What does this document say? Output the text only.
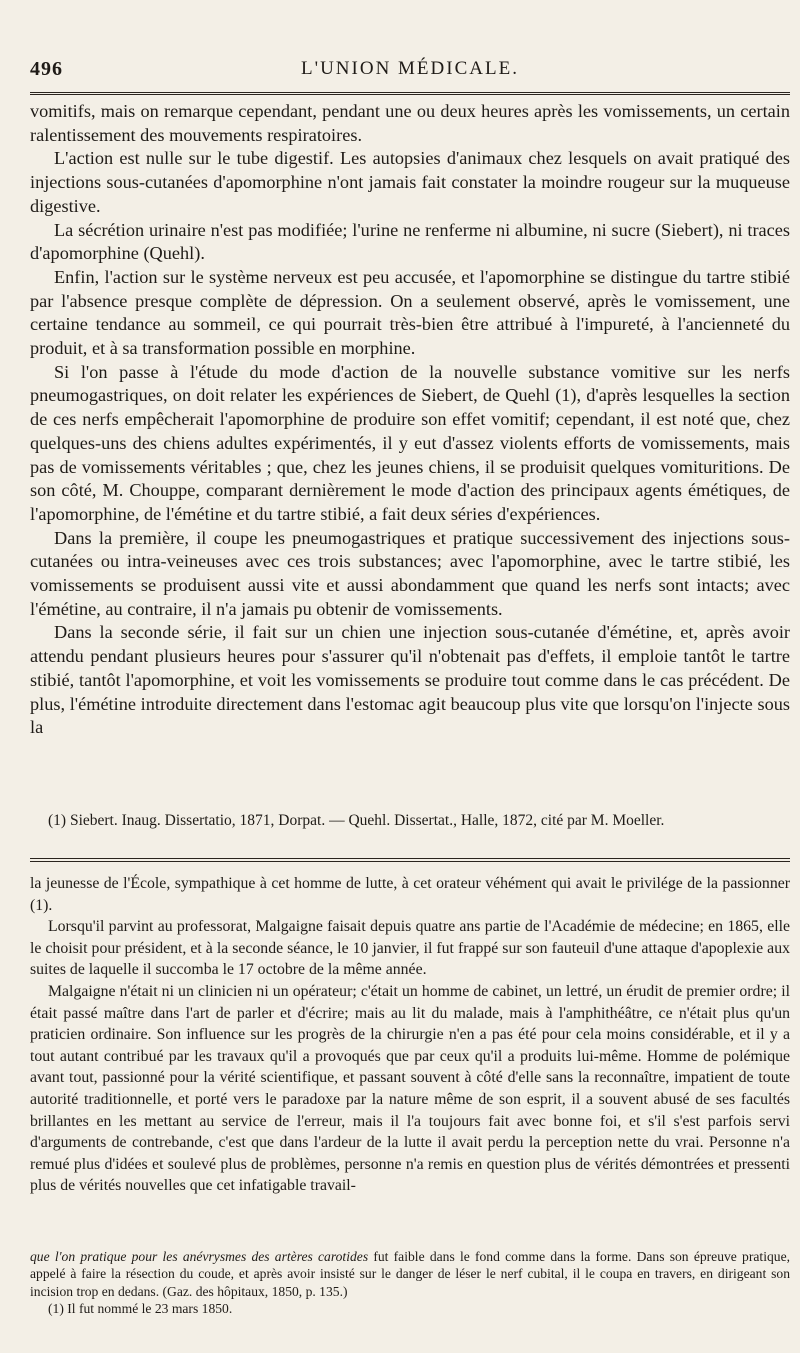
496	L'UNION MÉDICALE.

vomitifs, mais on remarque cependant, pendant une ou deux heures après les vomissements, un certain ralentissement des mouvements respiratoires.

L'action est nulle sur le tube digestif. Les autopsies d'animaux chez lesquels on avait pratiqué des injections sous-cutanées d'apomorphine n'ont jamais fait constater la moindre rougeur sur la muqueuse digestive.

La sécrétion urinaire n'est pas modifiée; l'urine ne renferme ni albumine, ni sucre (Siebert), ni traces d'apomorphine (Quehl).

Enfin, l'action sur le système nerveux est peu accusée, et l'apomorphine se distingue du tartre stibié par l'absence presque complète de dépression. On a seulement observé, après le vomissement, une certaine tendance au sommeil, ce qui pourrait très-bien être attribué à l'impureté, à l'ancienneté du produit, et à sa transformation possible en morphine.

Si l'on passe à l'étude du mode d'action de la nouvelle substance vomitive sur les nerfs pneumogastriques, on doit relater les expériences de Siebert, de Quehl (1), d'après lesquelles la section de ces nerfs empêcherait l'apomorphine de produire son effet vomitif; cependant, il est noté que, chez quelques-uns des chiens adultes expérimentés, il y eut d'assez violents efforts de vomissements, mais pas de vomissements véritables ; que, chez les jeunes chiens, il se produisit quelques vomituritions. De son côté, M. Chouppe, comparant dernièrement le mode d'action des principaux agents émétiques, de l'apomorphine, de l'émétine et du tartre stibié, a fait deux séries d'expériences.

Dans la première, il coupe les pneumogastriques et pratique successivement des injections sous-cutanées ou intra-veineuses avec ces trois substances; avec l'apomorphine, avec le tartre stibié, les vomissements se produisent aussi vite et aussi abondamment que quand les nerfs sont intacts; avec l'émétine, au contraire, il n'a jamais pu obtenir de vomissements.

Dans la seconde série, il fait sur un chien une injection sous-cutanée d'émétine, et, après avoir attendu pendant plusieurs heures pour s'assurer qu'il n'obtenait pas d'effets, il emploie tantôt le tartre stibié, tantôt l'apomorphine, et voit les vomissements se produire tout comme dans le cas précédent. De plus, l'émétine introduite directement dans l'estomac agit beaucoup plus vite que lorsqu'on l'injecte sous la

(1) Siebert. Inaug. Dissertatio, 1871, Dorpat. — Quehl. Dissertat., Halle, 1872, cité par M. Moeller.

la jeunesse de l'École, sympathique à cet homme de lutte, à cet orateur véhément qui avait le privilége de la passionner (1).

Lorsqu'il parvint au professorat, Malgaigne faisait depuis quatre ans partie de l'Académie de médecine; en 1865, elle le choisit pour président, et à la seconde séance, le 10 janvier, il fut frappé sur son fauteuil d'une attaque d'apoplexie aux suites de laquelle il succomba le 17 octobre de la même année.

Malgaigne n'était ni un clinicien ni un opérateur; c'était un homme de cabinet, un lettré, un érudit de premier ordre; il était passé maître dans l'art de parler et d'écrire; mais au lit du malade, mais à l'amphithéâtre, ce n'était plus qu'un praticien ordinaire. Son influence sur les progrès de la chirurgie n'en a pas été pour cela moins considérable, et il y a tout autant contribué par les travaux qu'il a provoqués que par ceux qu'il a produits lui-même. Homme de polémique avant tout, passionné pour la vérité scientifique, et passant souvent à côté d'elle sans la reconnaître, impatient de toute autorité traditionnelle, et porté vers le paradoxe par la nature même de son esprit, il a souvent abusé de ses facultés brillantes en les mettant au service de l'erreur, mais il l'a toujours fait avec bonne foi, et s'il s'est parfois servi d'arguments de contrebande, c'est que dans l'ardeur de la lutte il avait perdu la perception nette du vrai. Personne n'a remué plus d'idées et soulevé plus de problèmes, personne n'a remis en question plus de vérités démontrées et pressenti plus de vérités nouvelles que cet infatigable travail-

que l'on pratique pour les anévrysmes des artères carotides fut faible dans le fond comme dans la forme. Dans son épreuve pratique, appelé à faire la résection du coude, et après avoir insisté sur le danger de léser le nerf cubital, il le coupa en travers, en dirigeant son incision trop en dedans. (Gaz. des hôpitaux, 1850, p. 135.)

(1) Il fut nommé le 23 mars 1850.
